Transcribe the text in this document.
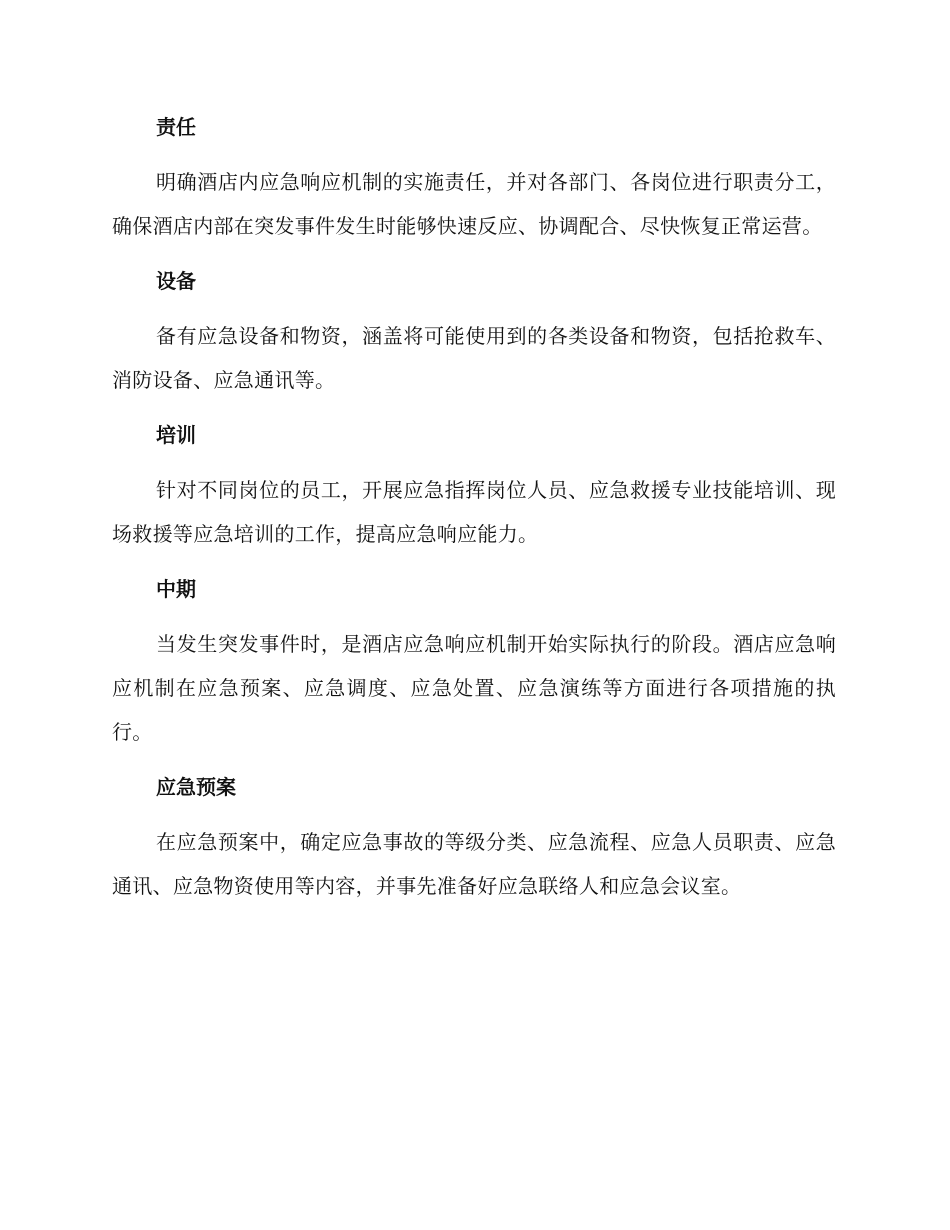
责任

明确酒店内应急响应机制的实施责任，并对各部门、各岗位进行职责分工，确保酒店内部在突发事件发生时能够快速反应、协调配合、尽快恢复正常运营。

设备

备有应急设备和物资，涵盖将可能使用到的各类设备和物资，包括抢救车、消防设备、应急通讯等。

培训

针对不同岗位的员工，开展应急指挥岗位人员、应急救援专业技能培训、现场救援等应急培训的工作，提高应急响应能力。

中期

当发生突发事件时，是酒店应急响应机制开始实际执行的阶段。酒店应急响应机制在应急预案、应急调度、应急处置、应急演练等方面进行各项措施的执行。

应急预案

在应急预案中，确定应急事故的等级分类、应急流程、应急人员职责、应急通讯、应急物资使用等内容，并事先准备好应急联络人和应急会议室。
